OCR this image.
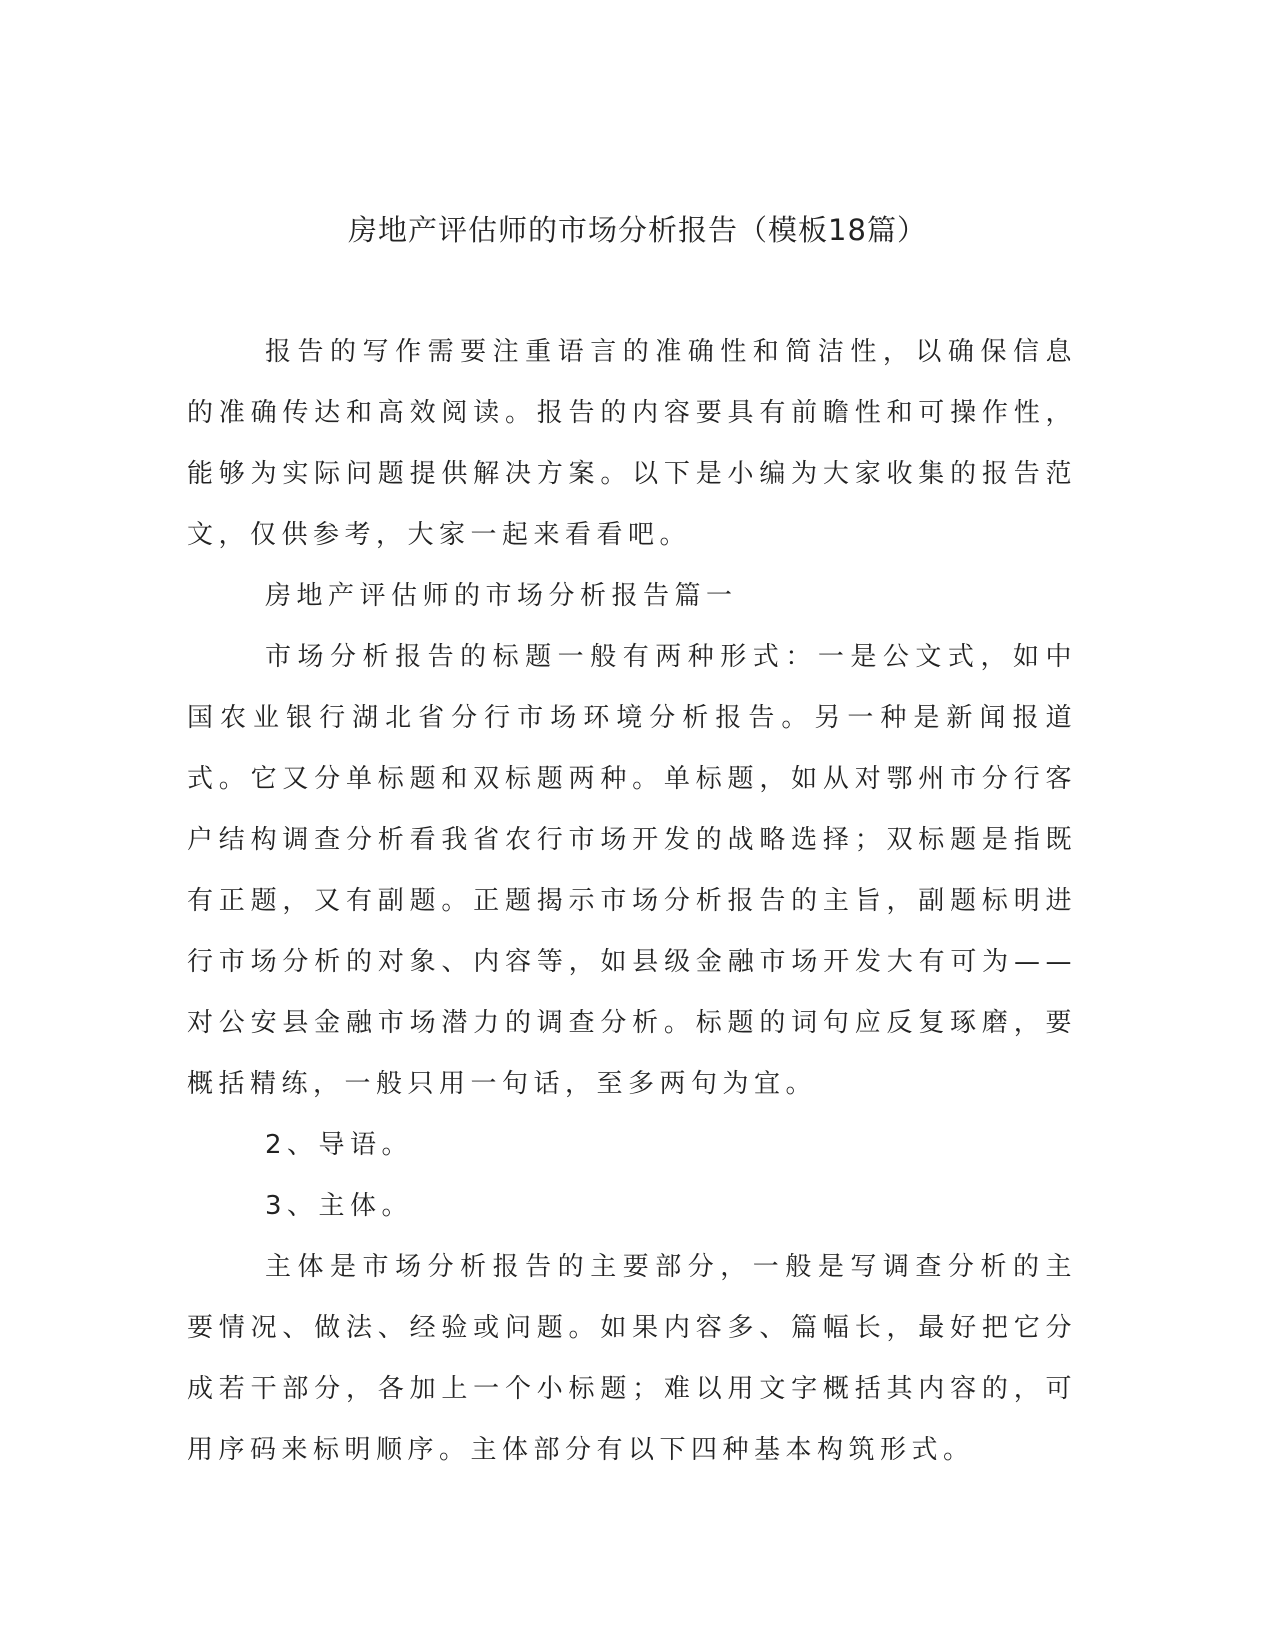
房地产评估师的市场分析报告（模板18篇）

报告的写作需要注重语言的准确性和简洁性，以确保信息的准确传达和高效阅读。报告的内容要具有前瞻性和可操作性，能够为实际问题提供解决方案。以下是小编为大家收集的报告范文，仅供参考，大家一起来看看吧。

房地产评估师的市场分析报告篇一

市场分析报告的标题一般有两种形式：一是公文式，如中国农业银行湖北省分行市场环境分析报告。另一种是新闻报道式。它又分单标题和双标题两种。单标题，如从对鄂州市分行客户结构调查分析看我省农行市场开发的战略选择；双标题是指既有正题，又有副题。正题揭示市场分析报告的主旨，副题标明进行市场分析的对象、内容等，如县级金融市场开发大有可为——对公安县金融市场潜力的调查分析。标题的词句应反复琢磨，要概括精练，一般只用一句话，至多两句为宜。

2、导语。

3、主体。

主体是市场分析报告的主要部分，一般是写调查分析的主要情况、做法、经验或问题。如果内容多、篇幅长，最好把它分成若干部分，各加上一个小标题；难以用文字概括其内容的，可用序码来标明顺序。主体部分有以下四种基本构筑形式。
